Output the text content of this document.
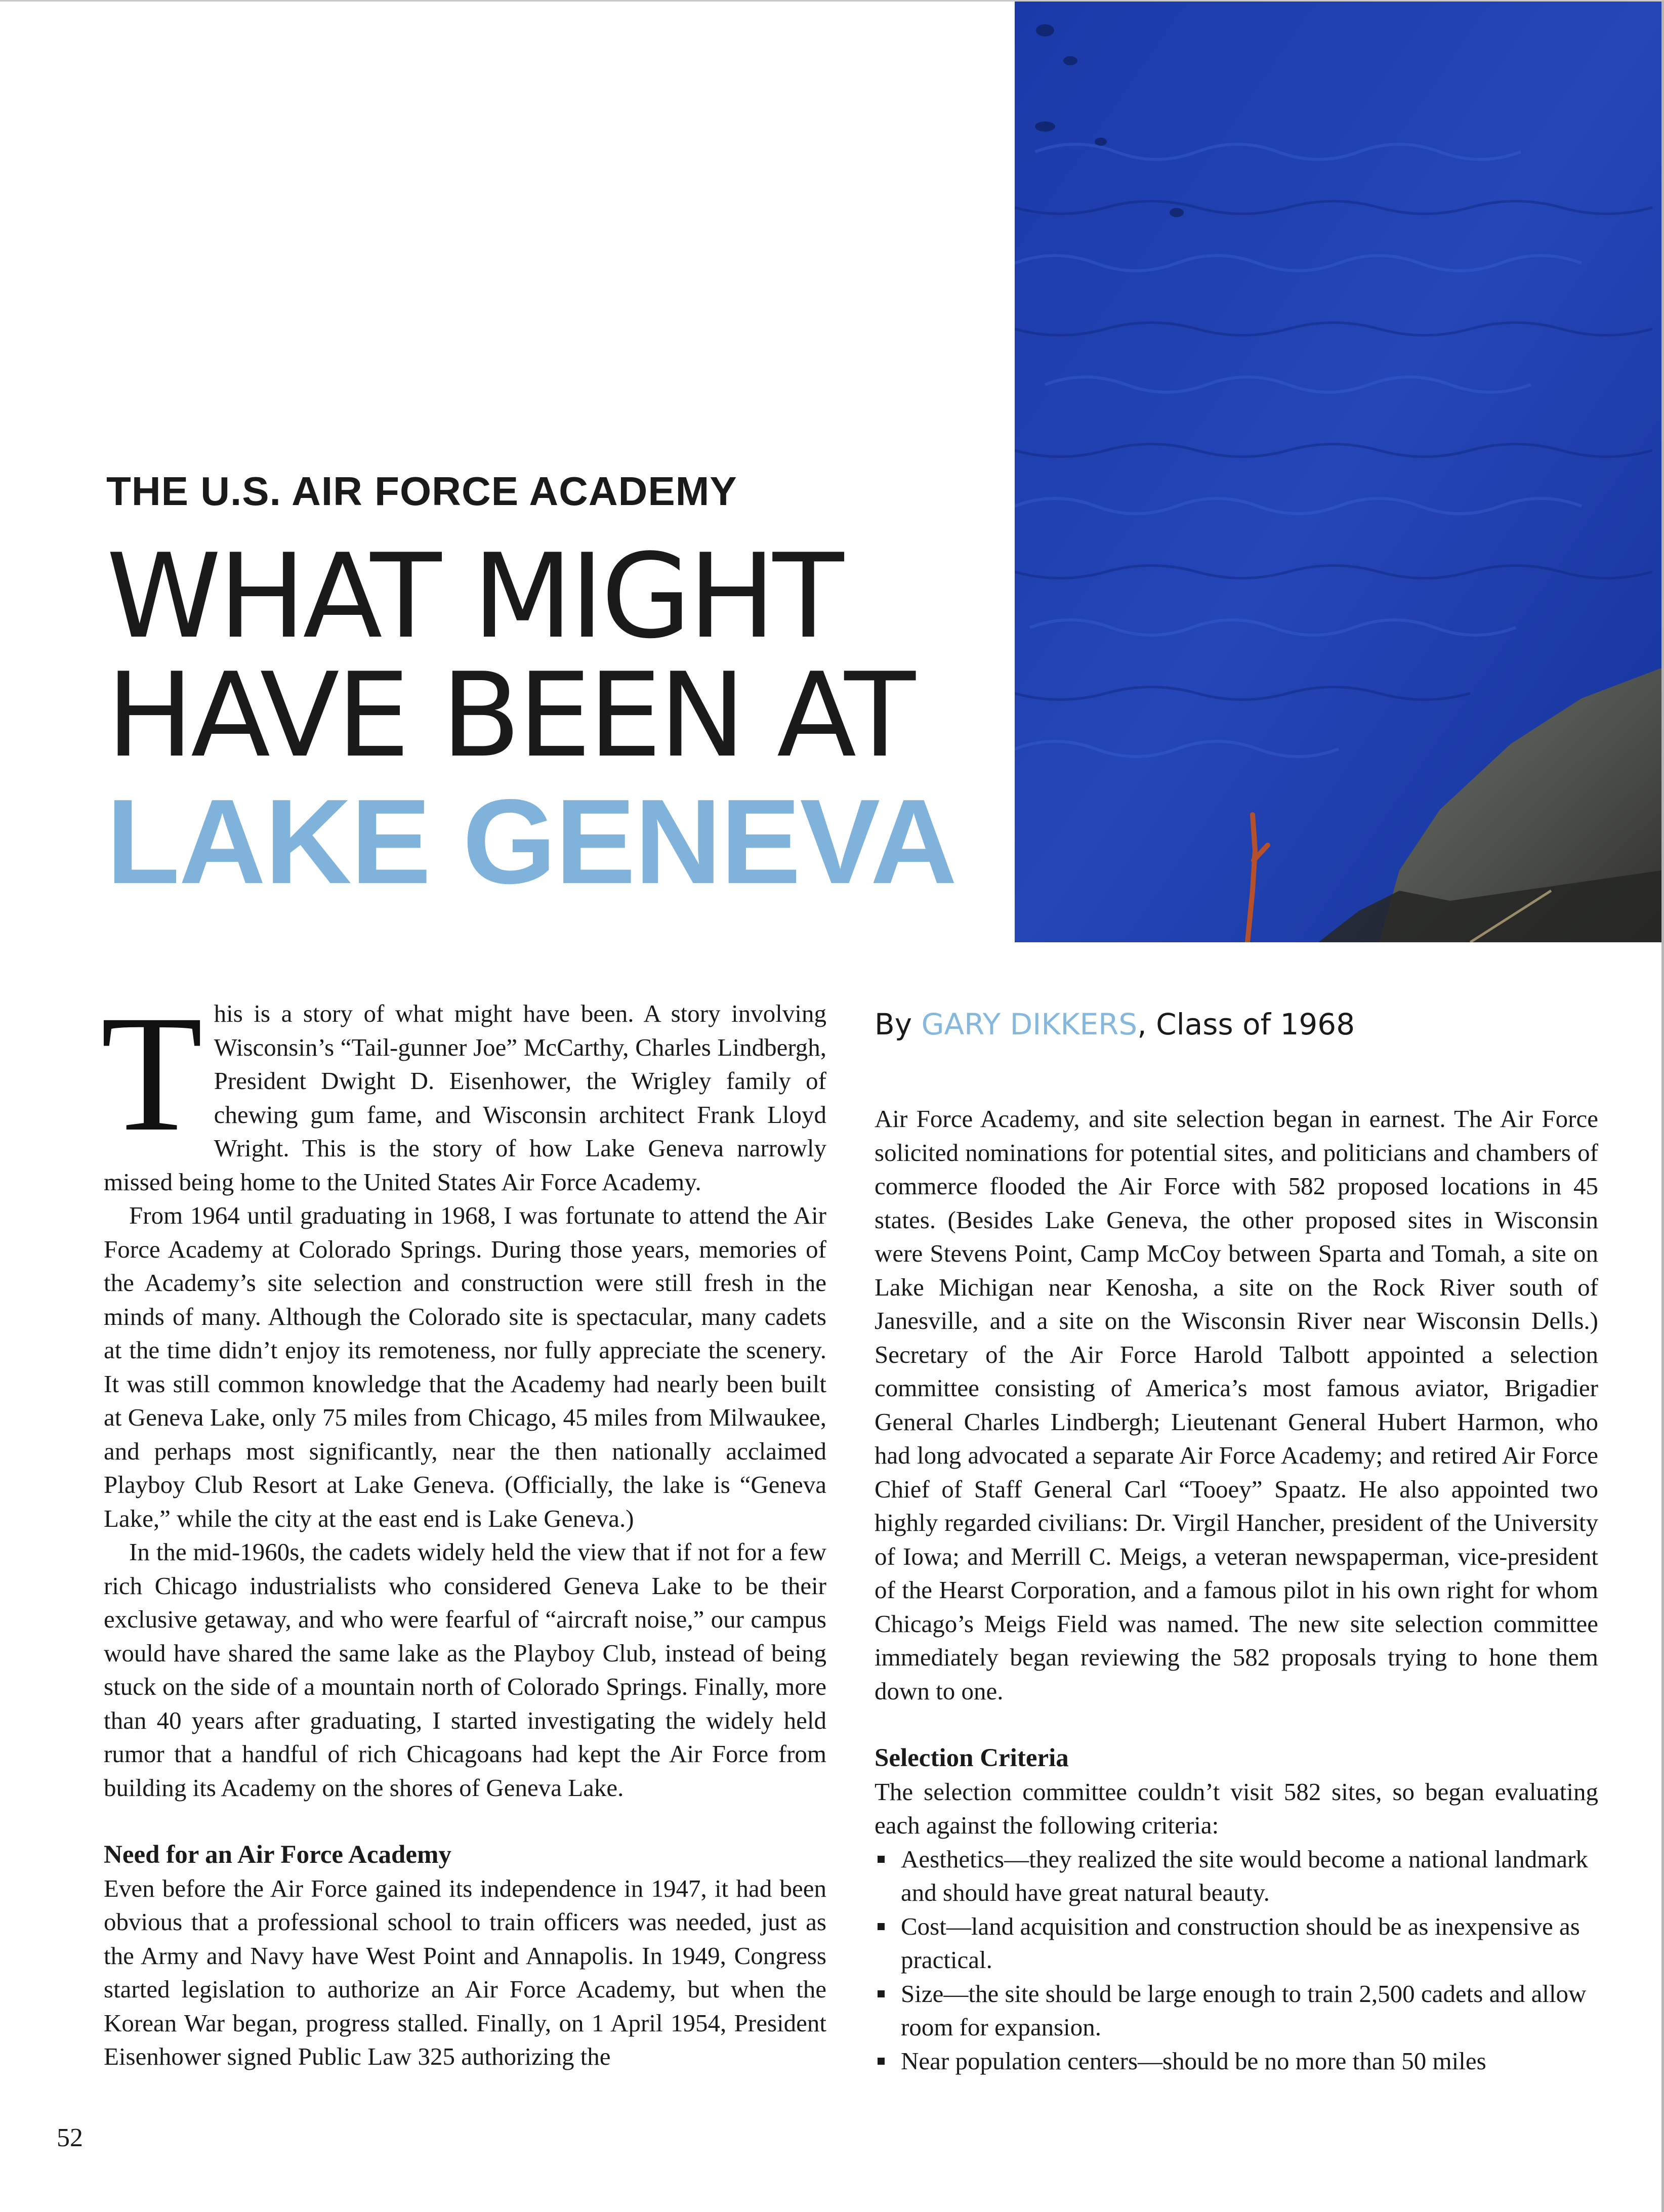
THE U.S. AIR FORCE ACADEMY
WHAT MIGHT
HAVE BEEN AT
LAKE GENEVA
By GARY DIKKERS, Class of 1968

This is a story of what might have been. A story involving Wisconsin’s “Tail-gunner Joe” McCarthy, Charles Lindbergh, President Dwight D. Eisenhower, the Wrigley family of chewing gum fame, and Wisconsin architect Frank Lloyd Wright. This is the story of how Lake Geneva narrowly missed being home to the United States Air Force Academy.

From 1964 until graduating in 1968, I was fortunate to attend the Air Force Academy at Colorado Springs. During those years, memories of the Academy’s site selection and construction were still fresh in the minds of many. Although the Colorado site is spectacular, many cadets at the time didn’t enjoy its remoteness, nor fully appreciate the scenery. It was still common knowledge that the Academy had nearly been built at Geneva Lake, only 75 miles from Chicago, 45 miles from Milwaukee, and perhaps most significantly, near the then nationally acclaimed Playboy Club Resort at Lake Geneva. (Officially, the lake is “Geneva Lake,” while the city at the east end is Lake Geneva.)

In the mid-1960s, the cadets widely held the view that if not for a few rich Chicago industrialists who considered Geneva Lake to be their exclusive getaway, and who were fearful of “aircraft noise,” our campus would have shared the same lake as the Playboy Club, instead of being stuck on the side of a mountain north of Colorado Springs. Finally, more than 40 years after graduating, I started investigating the widely held rumor that a handful of rich Chicagoans had kept the Air Force from building its Academy on the shores of Geneva Lake.

Need for an Air Force Academy

Even before the Air Force gained its independence in 1947, it had been obvious that a professional school to train officers was needed, just as the Army and Navy have West Point and Annapolis. In 1949, Congress started legislation to authorize an Air Force Academy, but when the Korean War began, progress stalled. Finally, on 1 April 1954, President Eisenhower signed Public Law 325 authorizing the

Air Force Academy, and site selection began in earnest. The Air Force solicited nominations for potential sites, and politicians and chambers of commerce flooded the Air Force with 582 proposed locations in 45 states. (Besides Lake Geneva, the other proposed sites in Wisconsin were Stevens Point, Camp McCoy between Sparta and Tomah, a site on Lake Michigan near Kenosha, a site on the Rock River south of Janesville, and a site on the Wisconsin River near Wisconsin Dells.) Secretary of the Air Force Harold Talbott appointed a selection committee consisting of America’s most famous aviator, Brigadier General Charles Lindbergh; Lieutenant General Hubert Harmon, who had long advocated a separate Air Force Academy; and retired Air Force Chief of Staff General Carl “Tooey” Spaatz. He also appointed two highly regarded civilians: Dr. Virgil Hancher, president of the University of Iowa; and Merrill C. Meigs, a veteran newspaperman, vice-president of the Hearst Corporation, and a famous pilot in his own right for whom Chicago’s Meigs Field was named. The new site selection committee immediately began reviewing the 582 proposals trying to hone them down to one.

Selection Criteria

The selection committee couldn’t visit 582 sites, so began evaluating each against the following criteria:

Aesthetics—they realized the site would become a national landmark and should have great natural beauty.
Cost—land acquisition and construction should be as inexpensive as practical.
Size—the site should be large enough to train 2,500 cadets and allow room for expansion.
Near population centers—should be no more than 50 miles
52
